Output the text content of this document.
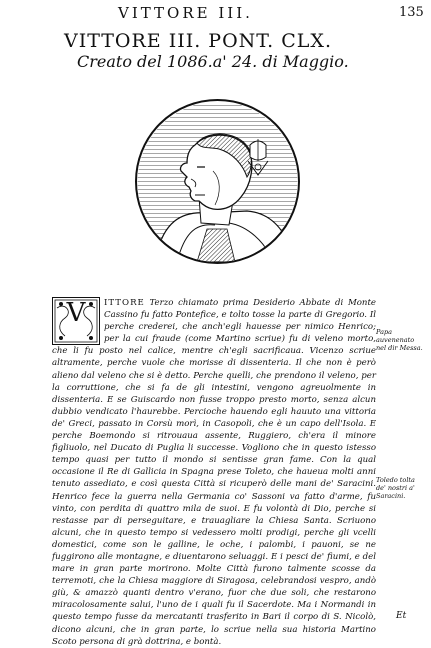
VITTORE III.	135
VITTORE III. PONT. CLX.
Creato del 1086.a' 24. di Maggio.
V	ITTORE Terzo chiamato prima Desiderio Abbate di Monte Cassino fu fatto Pontefice, e tolto tosse la parte di Gregorio. Il perche crederei, che anch'egli hauesse per nimico Henrico; per la cui fraude (come Martino scriue) fu di veleno morto, che li fu posto nel calice, mentre ch'egli sacrificaua. Vicenzo scriue altramente, perche vuole che morisse di dissenteria. Il che non è però alieno dal veleno che si è detto. Perche quelli, che prendono il veleno, per la corruttione, che si fa de gli intestini, vengono agreuolmente in dissenteria. E se Guiscardo non fusse troppo presto morto, senza alcun dubbio vendicato l'haurebbe. Percioche hauendo egli hauuto una vittoria de' Greci, passato in Corsù morì, in Casopoli, che è un capo dell'Isola. E perche Boemondo si ritrouaua assente, Ruggiero, ch'era il minore figliuolo, nel Ducato di Puglia li successe. Vogliono che in questo istesso tempo quasi per tutto il mondo si sentisse gran fame. Con la qual occasione il Re di Gallicia in Spagna prese Toleto, che haueua molti anni tenuto assediato, e così questa Città si ricuperò delle mani de' Saracini. Henrico fece la guerra nella Germania co' Sassoni va fatto d'arme, fu vinto, con perdita di quattro mila de suoi. E fu volontà di Dio, perche si restasse par di perseguitare, e trauagliare la Chiesa Santa. Scriuono alcuni, che in questo tempo si vedessero molti prodigi, perche gli vcelli domestici, come son le galline, le oche, i palombi, i pauoni, se ne fuggirono alle montagne, e diuentarono seluaggi. E i pesci de' fiumi, e del mare in gran parte morirono. Molte Città furono talmente scosse da terremoti, che la Chiesa maggiore di Siragosa, celebrandosi vespro, andò giù, & amazzò quanti dentro v'erano, fuor che due soli, che restarono miracolosamente salui, l'uno de i quali fu il Sacerdote. Ma i Normandi in questo tempo fusse da mercatanti trasferito in Bari il corpo di S. Nicolò, dicono alcuni, che in gran parte, lo scriue nella sua historia Martino Scoto persona di grà dottrina, e bontà.
Papa auvenenato nel dir Messa.
Toledo tolta de' nostri a' Saracini.
Et
